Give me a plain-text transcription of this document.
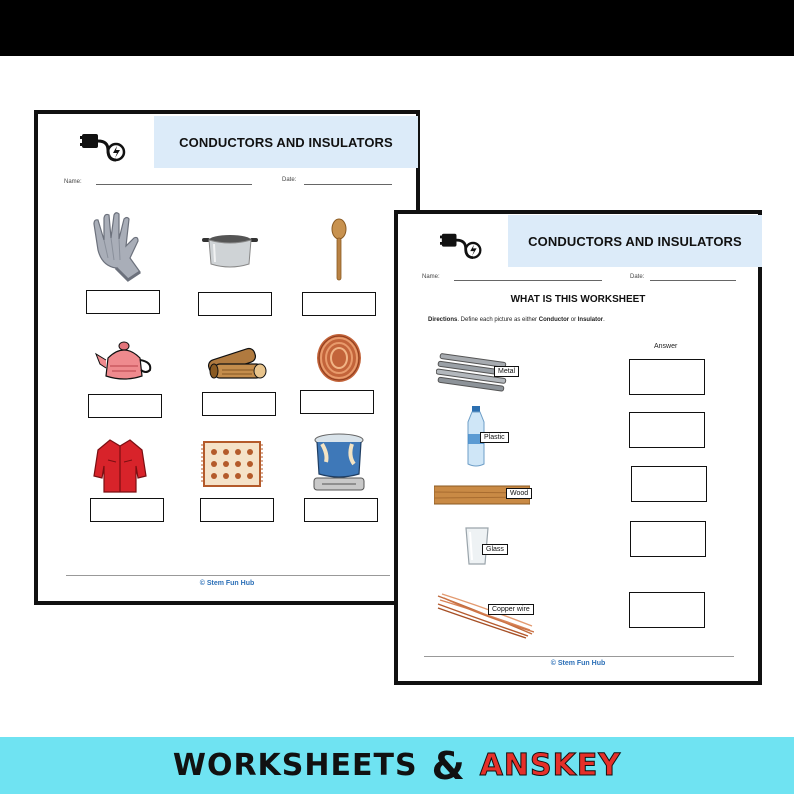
CONDUCTORS AND INSULATORS
Name:	Date:
© Stem Fun Hub
CONDUCTORS AND INSULATORS
Name:	Date:
WHAT IS THIS WORKSHEET
Directions. Define each picture as either Conductor or Insulator.
Answer
Metal
Plastic
Wood
Glass
Copper wire
© Stem Fun Hub
WORKSHEETS & ANSKEY
